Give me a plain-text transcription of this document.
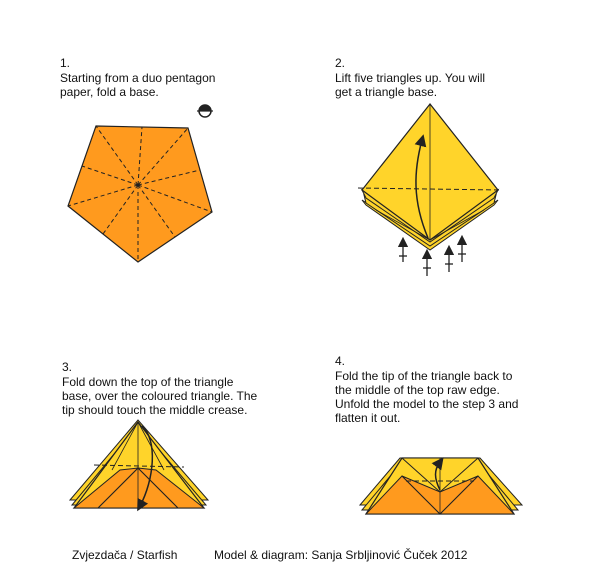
1.
Starting from a duo pentagon
paper, fold a base.

2.
Lift five triangles up. You will
get a triangle base.

3.
Fold down the top of the triangle
base, over the coloured triangle. The
tip should touch the middle crease.

4.
Fold the tip of the triangle back to
the middle of the top raw edge.
Unfold the model to the step 3 and
flatten it out.

Zvjezdača / Starfish	Model & diagram: Sanja Srbljinović Čuček 2012
